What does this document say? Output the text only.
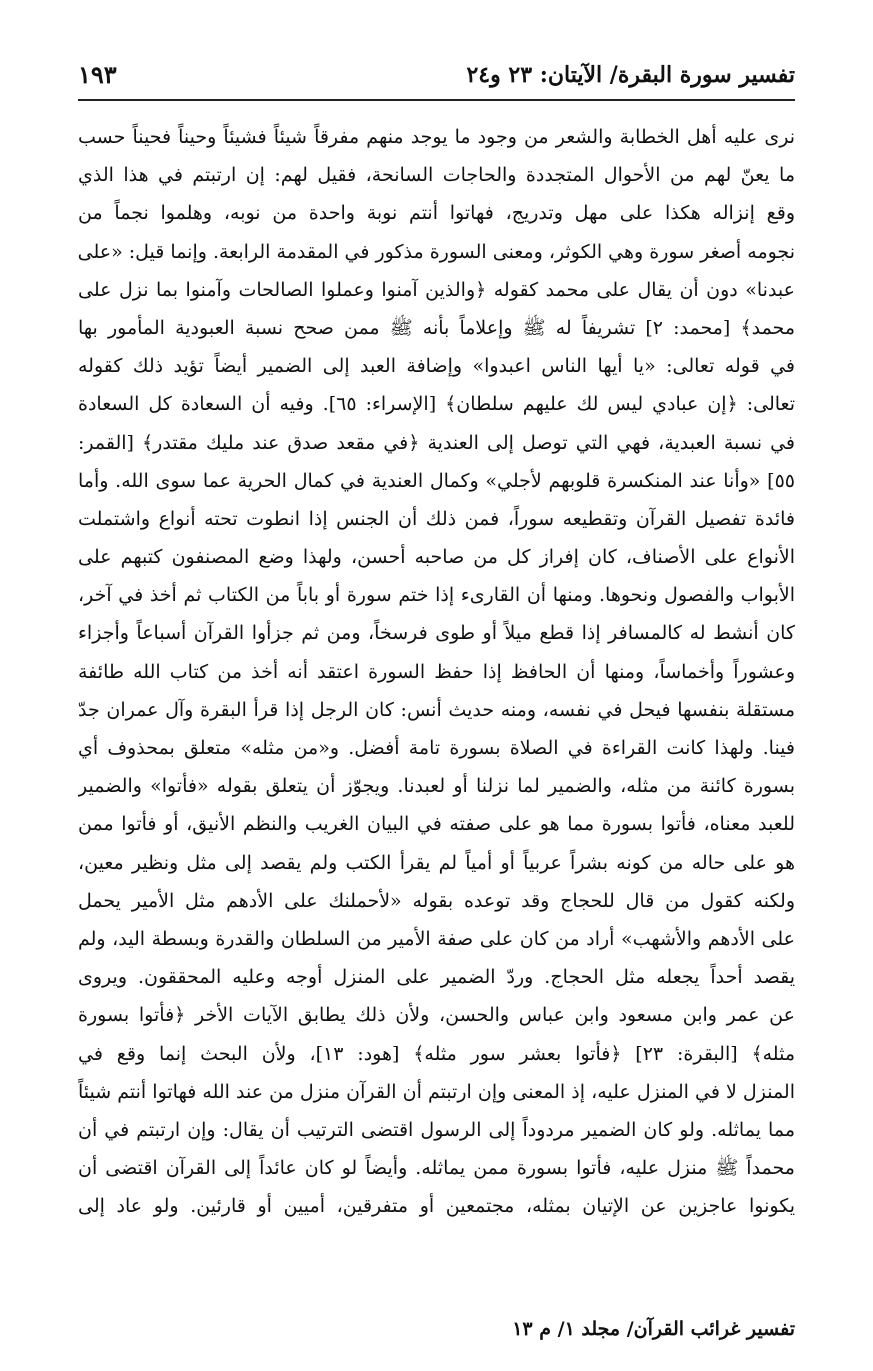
تفسير سورة البقرة/ الآيتان: ٢٣ و٢٤
١٩٣
نرى عليه أهل الخطابة والشعر من وجود ما يوجد منهم مفرقاً شيئاً فشيئاً وحيناً فحيناً حسب
ما يعنّ لهم من الأحوال المتجددة والحاجات السانحة، فقيل لهم: إن ارتبتم في هذا الذي
وقع إنزاله هكذا على مهل وتدريج، فهاتوا أنتم نوبة واحدة من نوبه، وهلموا نجماً من
نجومه أصغر سورة وهي الكوثر، ومعنى السورة مذكور في المقدمة الرابعة. وإنما قيل: «على
عبدنا» دون أن يقال على محمد كقوله ﴿والذين آمنوا وعملوا الصالحات وآمنوا بما نزل على
محمد﴾ [محمد: ٢] تشريفاً له ﷺ وإعلاماً بأنه ﷺ ممن صحح نسبة العبودية المأمور بها
في قوله تعالى: «يا أيها الناس اعبدوا» وإضافة العبد إلى الضمير أيضاً تؤيد ذلك كقوله
تعالى: ﴿إن عبادي ليس لك عليهم سلطان﴾ [الإسراء: ٦٥]. وفيه أن السعادة كل السعادة
في نسبة العبدية، فهي التي توصل إلى العندية ﴿في مقعد صدق عند مليك مقتدر﴾ [القمر:
٥٥] «وأنا عند المنكسرة قلوبهم لأجلي» وكمال العندية في كمال الحرية عما سوى الله. وأما
فائدة تفصيل القرآن وتقطيعه سوراً، فمن ذلك أن الجنس إذا انطوت تحته أنواع واشتملت
الأنواع على الأصناف، كان إفراز كل من صاحبه أحسن، ولهذا وضع المصنفون كتبهم على
الأبواب والفصول ونحوها. ومنها أن القارىء إذا ختم سورة أو باباً من الكتاب ثم أخذ في آخر،
كان أنشط له كالمسافر إذا قطع ميلاً أو طوى فرسخاً، ومن ثم جزأوا القرآن أسباعاً وأجزاء
وعشوراً وأخماساً، ومنها أن الحافظ إذا حفظ السورة اعتقد أنه أخذ من كتاب الله طائفة
مستقلة بنفسها فيحل في نفسه، ومنه حديث أنس: كان الرجل إذا قرأ البقرة وآل عمران جدّ
فينا. ولهذا كانت القراءة في الصلاة بسورة تامة أفضل. و«من مثله» متعلق بمحذوف أي
بسورة كائنة من مثله، والضمير لما نزلنا أو لعبدنا. ويجوّز أن يتعلق بقوله «فأتوا» والضمير
للعبد معناه، فأتوا بسورة مما هو على صفته في البيان الغريب والنظم الأنيق، أو فأتوا ممن
هو على حاله من كونه بشراً عربياً أو أمياً لم يقرأ الكتب ولم يقصد إلى مثل ونظير معين،
ولكنه كقول من قال للحجاج وقد توعده بقوله «لأحملنك على الأدهم مثل الأمير يحمل
على الأدهم والأشهب» أراد من كان على صفة الأمير من السلطان والقدرة وبسطة اليد، ولم
يقصد أحداً يجعله مثل الحجاج. وردّ الضمير على المنزل أوجه وعليه المحققون. ويروى
عن عمر وابن مسعود وابن عباس والحسن، ولأن ذلك يطابق الآيات الأخر ﴿فأتوا بسورة
مثله﴾ [البقرة: ٢٣] ﴿فأتوا بعشر سور مثله﴾ [هود: ١٣]، ولأن البحث إنما وقع في
المنزل لا في المنزل عليه، إذ المعنى وإن ارتبتم أن القرآن منزل من عند الله فهاتوا أنتم شيئاً
مما يماثله. ولو كان الضمير مردوداً إلى الرسول اقتضى الترتيب أن يقال: وإن ارتبتم في أن
محمداً ﷺ منزل عليه، فأتوا بسورة ممن يماثله. وأيضاً لو كان عائداً إلى القرآن اقتضى أن
يكونوا عاجزين عن الإتيان بمثله، مجتمعين أو متفرقين، أميين أو قارئين. ولو عاد إلى
تفسير غرائب القرآن/ مجلد ١/ م ١٣
